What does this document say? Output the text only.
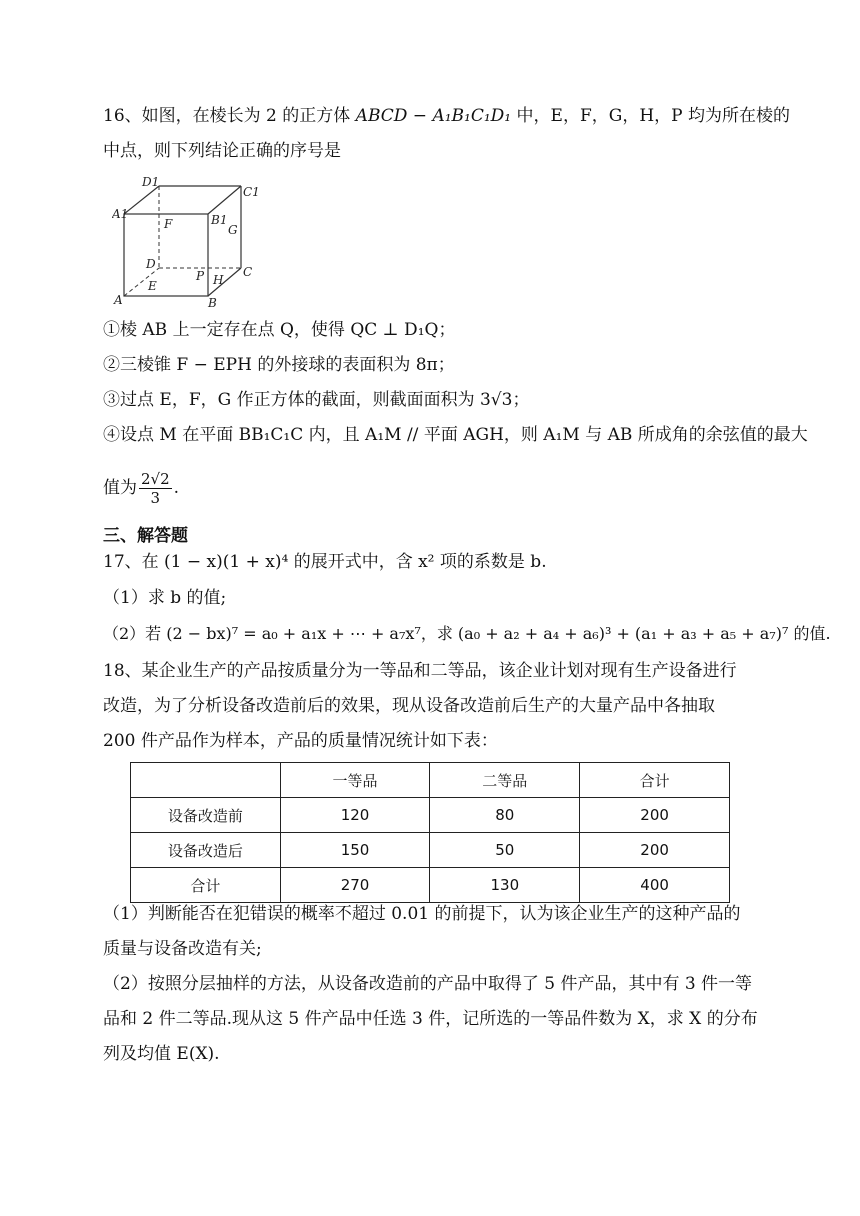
16、如图，在棱长为 2 的正方体 ABCD − A₁B₁C₁D₁ 中，E，F，G，H，P 均为所在棱的
中点，则下列结论正确的序号是
D1
C1
A1	B1
F	G
D
C
P H
A
E
B
①棱 AB 上一定存在点 Q，使得 QC ⊥ D₁Q；
②三棱锥 F − EPH 的外接球的表面积为 8π；
③过点 E，F，G 作正方体的截面，则截面面积为 3√3；
④设点 M 在平面 BB₁C₁C 内，且 A₁M // 平面 AGH，则 A₁M 与 AB 所成角的余弦值的最大
值为 $\frac{2√2}{3}$ .
三、解答题
17、在 (1 − x)(1 + x)⁴ 的展开式中，含 x² 项的系数是 b.
（1）求 b 的值;
（2）若 (2 − bx)⁷ = a₀ + a₁x + ⋯ + a₇x⁷，求 (a₀ + a₂ + a₄ + a₆)³ + (a₁ + a₃ + a₅ + a₇)⁷ 的值.
18、某企业生产的产品按质量分为一等品和二等品，该企业计划对现有生产设备进行
改造，为了分析设备改造前后的效果，现从设备改造前后生产的大量产品中各抽取
200 件产品作为样本，产品的质量情况统计如下表：
	一等品	二等品	合计
设备改造前	120	80	200
设备改造后	150	50	200
合计	270	130	400
（1）判断能否在犯错误的概率不超过 0.01 的前提下，认为该企业生产的这种产品的
质量与设备改造有关;
（2）按照分层抽样的方法，从设备改造前的产品中取得了 5 件产品，其中有 3 件一等
品和 2 件二等品.现从这 5 件产品中任选 3 件，记所选的一等品件数为 X，求 X 的分布
列及均值 E(X).
